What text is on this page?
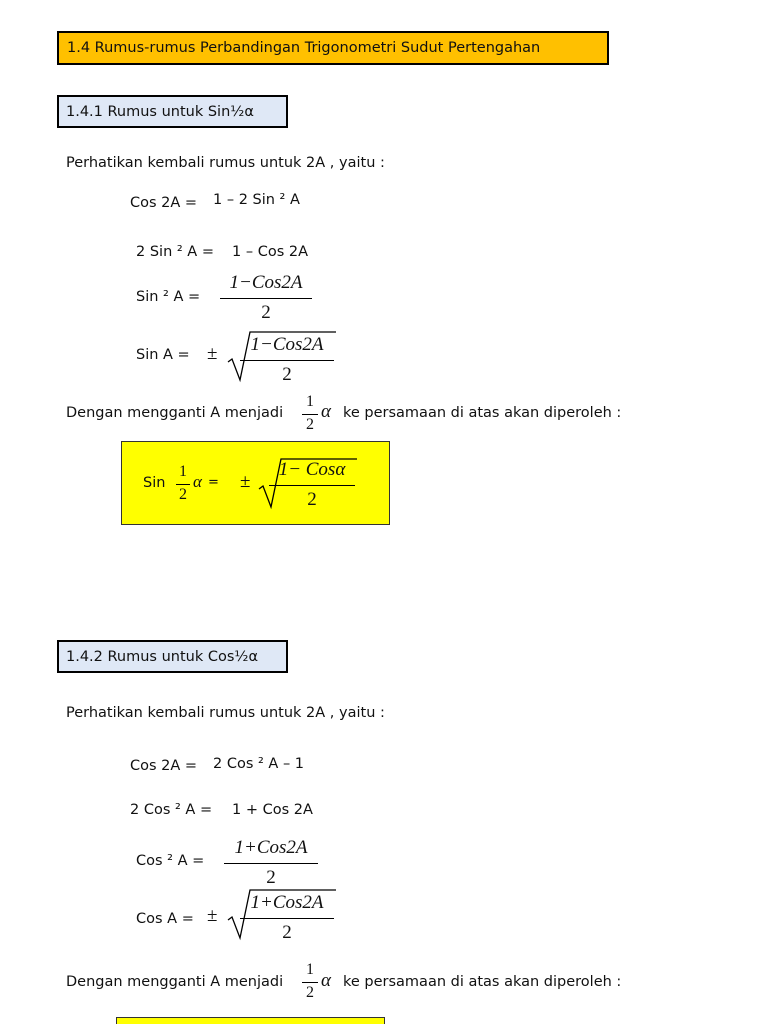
1.4 Rumus-rumus Perbandingan Trigonometri Sudut Pertengahan
1.4.1 Rumus untuk Sin½α
Perhatikan kembali rumus untuk 2A , yaitu :
Cos 2A = 1 – 2 Sin ² A
2 Sin ² A = 1 – Cos 2A
Sin ² A =
1−Cos2A
2
Sin A = ±	1−Cos2A
2
Dengan mengganti A menjadi
1
2
α ke persamaan di atas akan diperoleh :
Sin
1
2
α = ±
1− Cosα
2
1.4.2 Rumus untuk Cos½α
Perhatikan kembali rumus untuk 2A , yaitu :
Cos 2A = 2 Cos ² A – 1
2 Cos ² A = 1 + Cos 2A
Cos ² A =
1+Cos2A
2
Cos A = ±
1+Cos2A
2
Dengan mengganti A menjadi
1
2
α ke persamaan di atas akan diperoleh :
